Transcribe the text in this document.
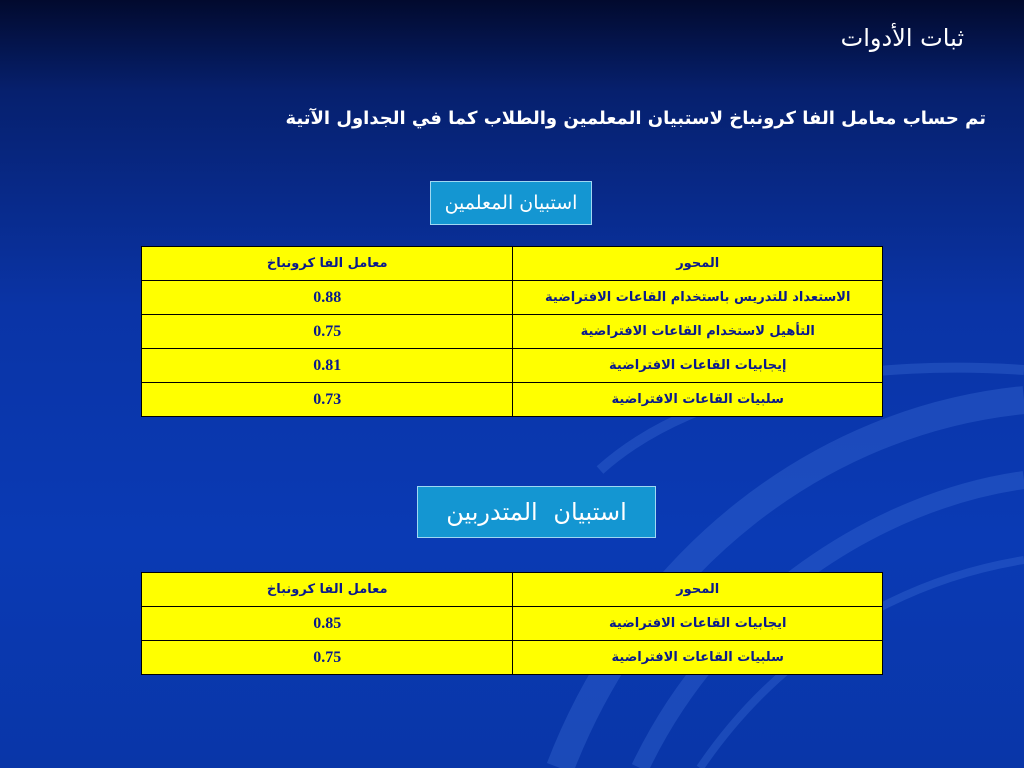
ثبات الأدوات
تم حساب معامل الفا كرونباخ لاستبيان المعلمين والطلاب كما في الجداول الآتية
استبيان المعلمين
المحور	معامل الفا كرونباخ
الاستعداد للتدريس باستخدام القاعات الافتراضية	0.88
التأهيل لاستخدام القاعات الافتراضية	0.75
إيجابيات القاعات الافتراضية	0.81
سلبيات القاعات الافتراضية	0.73
استبيان المتدربين
المحور	معامل الفا كرونباخ
ايجابيات القاعات الافتراضية	0.85
سلبيات القاعات الافتراضية	0.75
